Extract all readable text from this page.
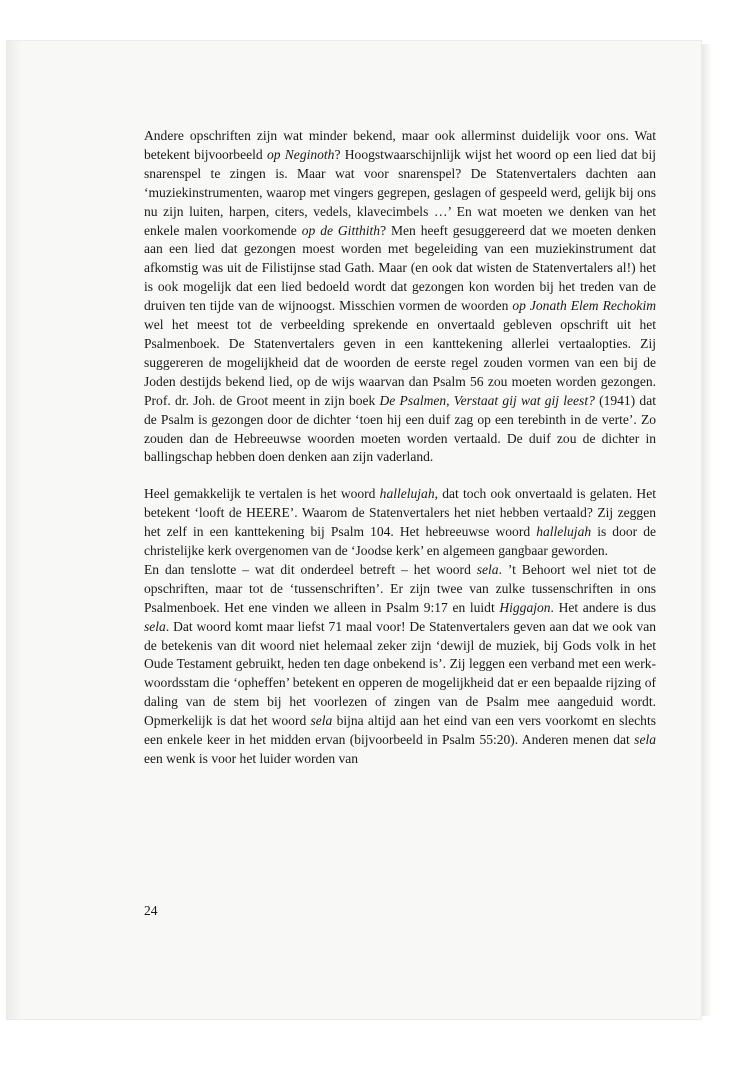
Andere opschriften zijn wat minder bekend, maar ook allerminst duidelijk voor ons. Wat betekent bijvoorbeeld op Neginoth? Hoogstwaarschijnlijk wijst het woord op een lied dat bij snarenspel te zingen is. Maar wat voor snarenspel? De Statenvertalers dachten aan ‘muziekinstrumenten, waarop met vingers gegrepen, geslagen of gespeeld werd, gelijk bij ons nu zijn luiten, harpen, citers, vedels, klavecimbels …’ En wat moeten we denken van het enkele malen voorkomende op de Gitthith? Men heeft gesuggereerd dat we moeten denken aan een lied dat gezongen moest worden met begeleiding van een muziekinstrument dat afkomstig was uit de Filistijnse stad Gath. Maar (en ook dat wisten de Statenvertalers al!) het is ook mogelijk dat een lied bedoeld wordt dat gezongen kon worden bij het treden van de druiven ten tijde van de wijnoogst. Misschien vormen de woorden op Jonath Elem Rechokim wel het meest tot de verbeelding sprekende en onvertaald gebleven opschrift uit het Psalmenboek. De Statenvertalers geven in een kanttekening allerlei vertaalopties. Zij suggereren de mogelijkheid dat de woorden de eerste regel zouden vormen van een bij de Joden destijds bekend lied, op de wijs waarvan dan Psalm 56 zou moeten worden gezongen. Prof. dr. Joh. de Groot meent in zijn boek De Psalmen, Verstaat gij wat gij leest? (1941) dat de Psalm is gezongen door de dichter ‘toen hij een duif zag op een terebinth in de verte’. Zo zouden dan de Hebreeuwse woorden moeten worden vertaald. De duif zou de dichter in ballingschap hebben doen denken aan zijn vaderland.

Heel gemakkelijk te vertalen is het woord hallelujah, dat toch ook onvertaald is gelaten. Het betekent ‘looft de HEERE’. Waarom de Statenvertalers het niet hebben vertaald? Zij zeggen het zelf in een kanttekening bij Psalm 104. Het hebreeuwse woord hallelujah is door de christelijke kerk overgenomen van de ‘Joodse kerk’ en algemeen gangbaar geworden.

En dan tenslotte – wat dit onderdeel betreft – het woord sela. ’t Behoort wel niet tot de opschriften, maar tot de ‘tussenschriften’. Er zijn twee van zulke tussenschriften in ons Psalmenboek. Het ene vinden we alleen in Psalm 9:17 en luidt Higgajon. Het andere is dus sela. Dat woord komt maar liefst 71 maal voor! De Statenvertalers geven aan dat we ook van de betekenis van dit woord niet helemaal zeker zijn ‘dewijl de muziek, bij Gods volk in het Oude Testament gebruikt, heden ten dage onbekend is’. Zij leggen een verband met een werk-woordsstam die ‘opheffen’ betekent en opperen de mogelijkheid dat er een bepaalde rijzing of daling van de stem bij het voorlezen of zingen van de Psalm mee aangeduid wordt. Opmerkelijk is dat het woord sela bijna altijd aan het eind van een vers voorkomt en slechts een enkele keer in het midden ervan (bijvoorbeeld in Psalm 55:20). Anderen menen dat sela een wenk is voor het luider worden van

24
